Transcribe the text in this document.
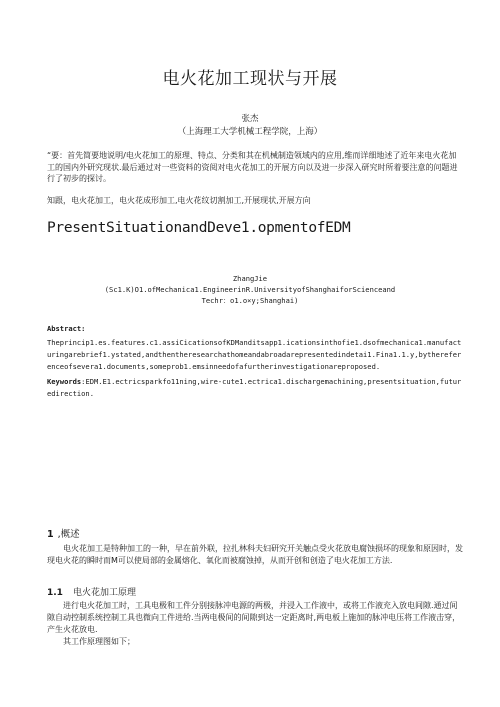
电火花加工现状与开展
张杰
（上海理工大学机械工程学院，上海）
“要：首先简要地说明/电火花加工的原理、特点、分类和其在机械制造领域内的应用,维而详细地述了近年来电火花加工的国内外研究现状.最后通过对一些资料的资阅对电火花加工的开展方向以及进一步深入研究时所着要注意的问题进行了初步的探讨。
知跟，电火花加工，电火花成形加工,电火花纹切割加工,开展现状,开展方向
PresentSituationandDeve1.opmentofEDM
ZhangJie
(Sc1.K)O1.ofMechanica1.EngineerinR.UniversityofShanghaiforScienceand
Techr：o1.o×y;Shanghai)
Abstract:
Theprincip1.es.features.c1.assiCicationsofKDManditsapp1.icationsinthofie1.dsofmechanica1.manufacturingarebrief1.ystated,andthentheresearchathomeandabroadarepresentedindetai1.Fina1.1.y,bythereferenceofsevera1.documents,someprob1.emsinneedofafurtherinvestigationareproposed.
Keywords:EDM.E1.ectricsparkfo11ning,wire-cute1.ectrica1.dischargemachining,presentsituation,futuredirection.
1 ,概述
电火花加工是特种加工的一种，早在前外联，拉扎林科夫妇研究开关触点受火花放电腐蚀损坏的现象和原因时，发现电火花的瞬时而M可以使局部的金属熔化、氧化而被腐蚀掉，从而开创和创造了电火花加工方法.
1.1 电火花加工原理
进行电火花加工时，工具电极和工件分别接脉冲电源的两极，并浸入工作液中，或将工作液充入放电间隙.通过间隙自动控制系统控制工具也微向工件进给.当两电极间的间隙到达一定距离时,两电板上施加的脉冲电压将工作液击穿，产生火花放电.
其工作原理图如下；
